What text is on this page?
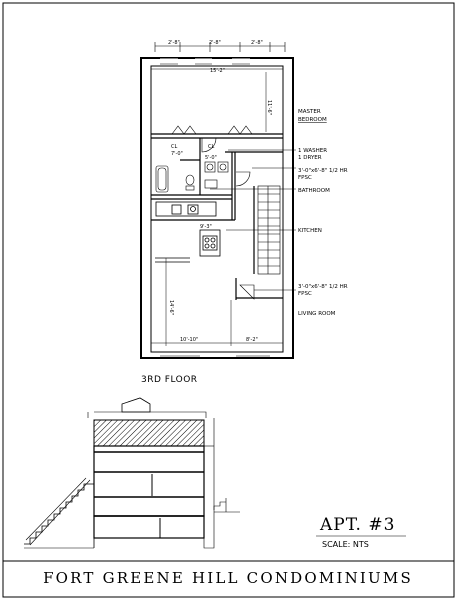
2'-8"	2'-8"	2'-8"
15'-2"
11'-6"
CL
7'-0"
CL
5'-0"
9'-3"
14'-6"
10'-10"	8'-2"
MASTER
BEDROOM
1 WASHER
1 DRYER
3'-0"x6'-8" 1/2 HR
FPSC
BATHROOM
KITCHEN
3'-0"x6'-8" 1/2 HR
FPSC
LIVING ROOM
3RD FLOOR
APT. #3
SCALE: NTS
FORT GREENE HILL CONDOMINIUMS
